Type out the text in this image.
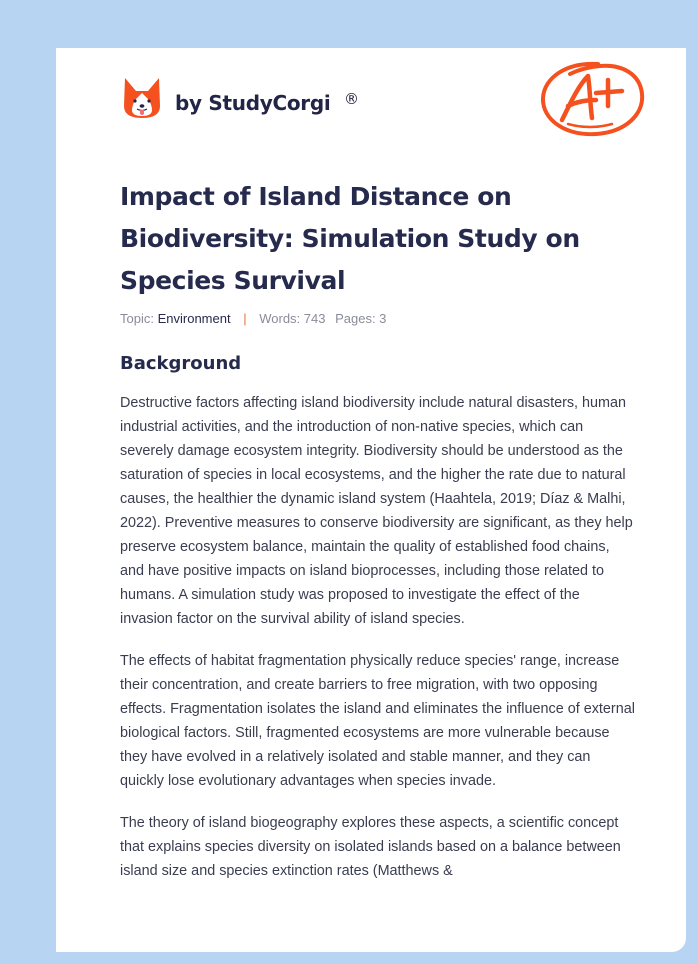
by StudyCorgi ®
Impact of Island Distance on Biodiversity: Simulation Study on Species Survival
Topic: Environment | Words: 743 Pages: 3
Background

Destructive factors affecting island biodiversity include natural disasters, human industrial activities, and the introduction of non-native species, which can severely damage ecosystem integrity. Biodiversity should be understood as the saturation of species in local ecosystems, and the higher the rate due to natural causes, the healthier the dynamic island system (Haahtela, 2019; Díaz & Malhi, 2022). Preventive measures to conserve biodiversity are significant, as they help preserve ecosystem balance, maintain the quality of established food chains, and have positive impacts on island bioprocesses, including those related to humans. A simulation study was proposed to investigate the effect of the invasion factor on the survival ability of island species.

The effects of habitat fragmentation physically reduce species' range, increase their concentration, and create barriers to free migration, with two opposing effects. Fragmentation isolates the island and eliminates the influence of external biological factors. Still, fragmented ecosystems are more vulnerable because they have evolved in a relatively isolated and stable manner, and they can quickly lose evolutionary advantages when species invade.

The theory of island biogeography explores these aspects, a scientific concept that explains species diversity on isolated islands based on a balance between island size and species extinction rates (Matthews &
